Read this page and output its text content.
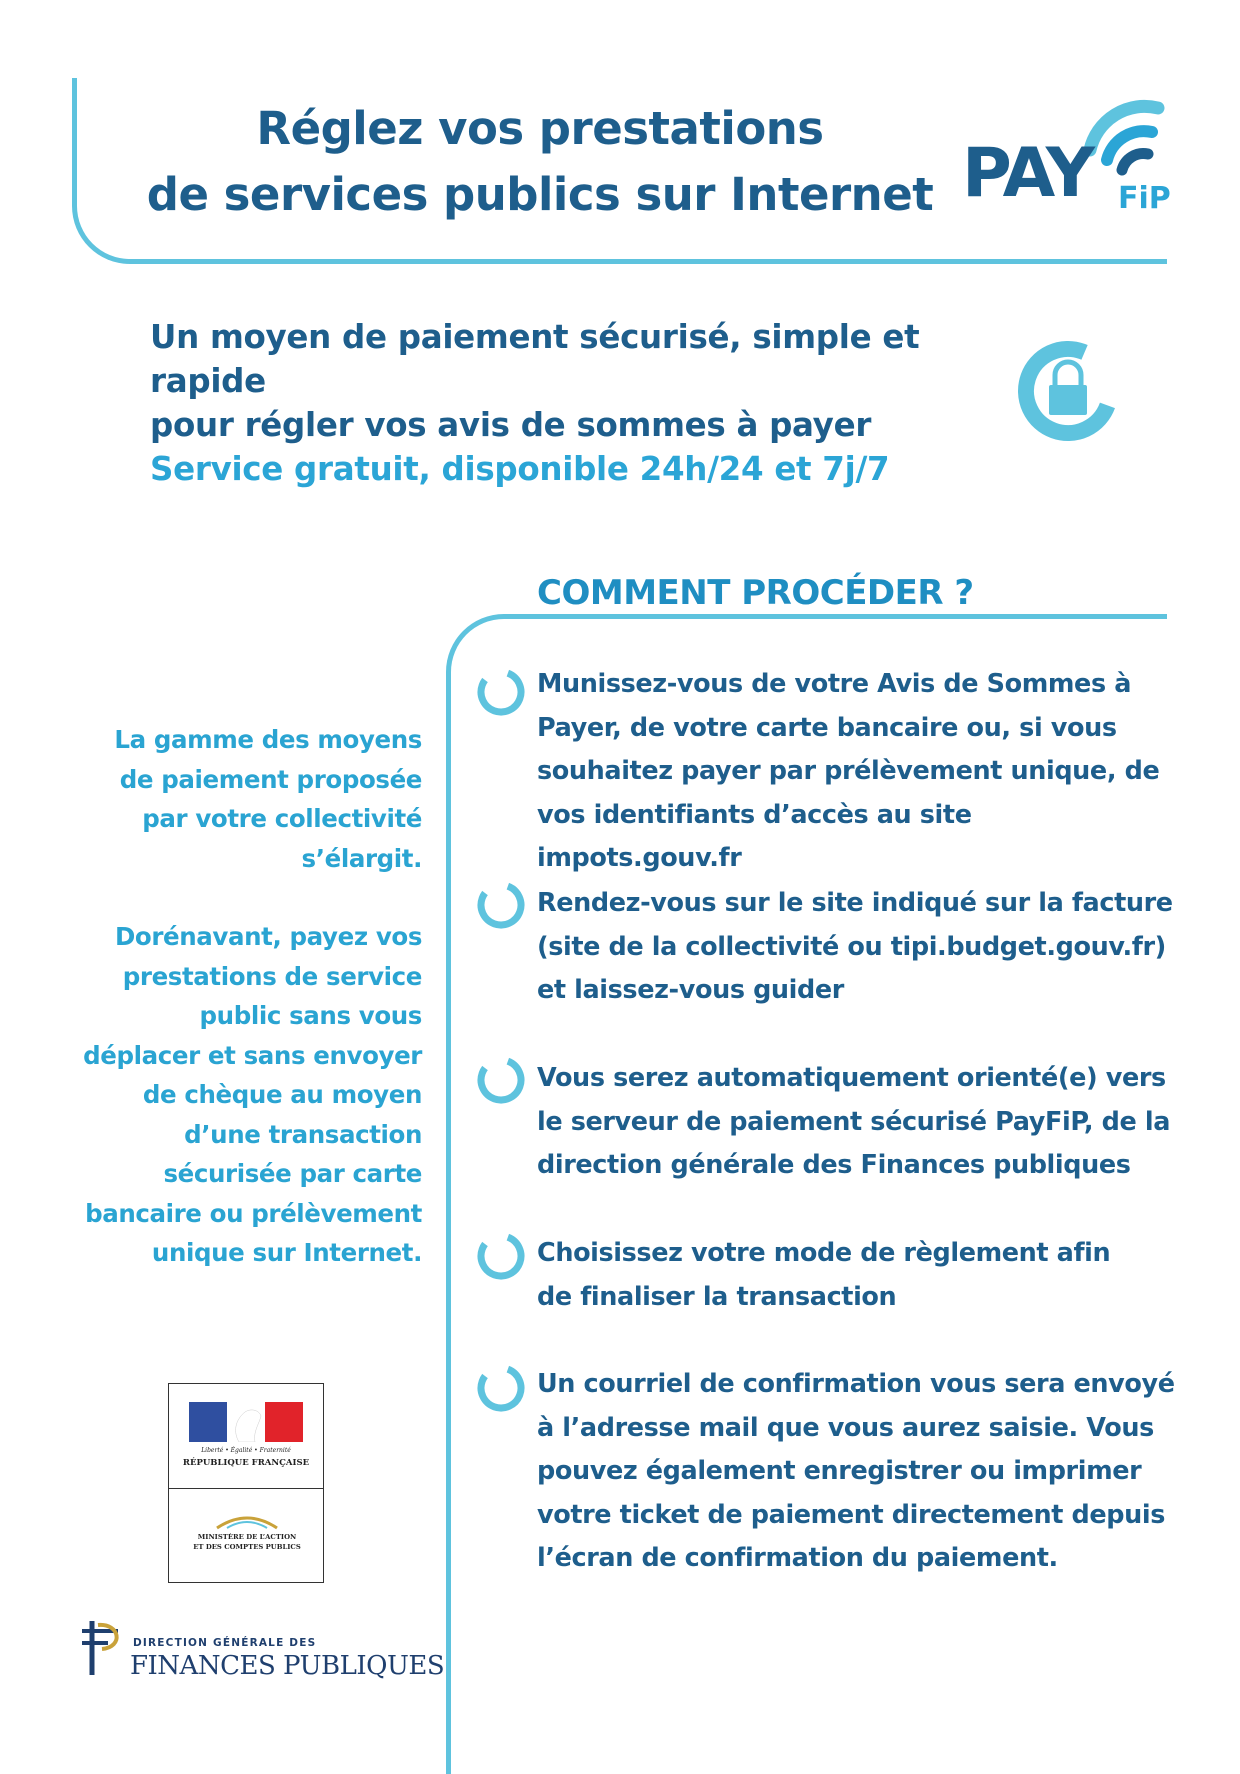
Réglez vos prestations
de services publics sur Internet PAY FiP
Un moyen de paiement sécurisé, simple et rapide
pour régler vos avis de sommes à payer
Service gratuit, disponible 24h/24 et 7j/7
COMMENT PROCÉDER ?

La gamme des moyens de paiement proposée par votre collectivité s’élargit.

Dorénavant, payez vos prestations de service public sans vous déplacer et sans envoyer de chèque au moyen d’une transaction sécurisée par carte bancaire ou prélèvement unique sur Internet.

Munissez-vous de votre Avis de Sommes à Payer, de votre carte bancaire ou, si vous souhaitez payer par prélèvement unique, de vos identifiants d’accès au site impots.gouv.fr
Rendez-vous sur le site indiqué sur la facture (site de la collectivité ou tipi.budget.gouv.fr) et laissez-vous guider
Vous serez automatiquement orienté(e) vers le serveur de paiement sécurisé PayFiP, de la direction générale des Finances publiques
Choisissez votre mode de règlement afin de finaliser la transaction
Un courriel de confirmation vous sera envoyé à l’adresse mail que vous aurez saisie. Vous pouvez également enregistrer ou imprimer votre ticket de paiement directement depuis l’écran de confirmation du paiement.
Liberté • Égalité • Fraternité
RÉPUBLIQUE FRANÇAISE
MINISTÈRE DE L’ACTION
ET DES COMPTES PUBLICS
DIRECTION GÉNÉRALE DES
FINANCES PUBLIQUES
